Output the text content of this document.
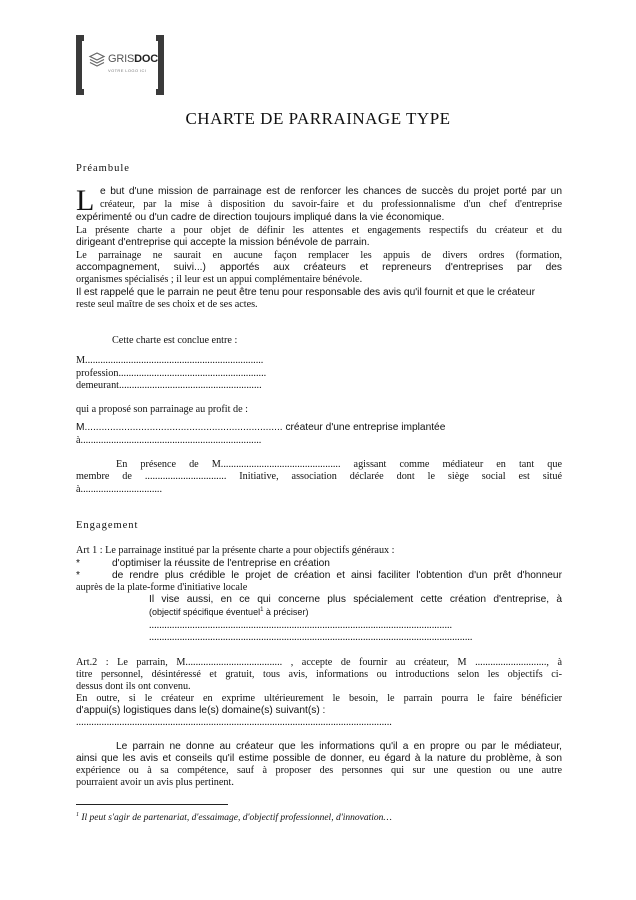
GRISDOC
VOTRE LOGO ICI
CHARTE DE PARRAINAGE TYPE
Préambule
L e but d'une mission de parrainage est de renforcer les chances de succès du projet porté par un
créateur, par la mise à disposition du savoir-faire et du professionnalisme d'un chef d'entreprise
expérimenté ou d'un cadre de direction toujours impliqué dans la vie économique.
La présente charte a pour objet de définir les attentes et engagements respectifs du créateur et du
dirigeant d'entreprise qui accepte la mission bénévole de parrain.
Le parrainage ne saurait en aucune façon remplacer les appuis de divers ordres (formation,
accompagnement, suivi...) apportés aux créateurs et repreneurs d'entreprises par des
organismes spécialisés ; il leur est un appui complémentaire bénévole.
Il est rappelé que le parrain ne peut être tenu pour responsable des avis qu'il fournit et que le créateur
reste seul maître de ses choix et de ses actes.
Cette charte est conclue entre :
M......................................................................
profession..........................................................
demeurant........................................................
qui a proposé son parrainage au profit de :
M...................................................................... créateur d'une entreprise implantée
à.......................................................................
En présence de M............................................... agissant comme médiateur en tant que
membre de ................................ Initiative, association déclarée dont le siège social est situé
à................................
Engagement
Art 1 : Le parrainage institué par la présente charte a pour objectifs généraux :
*	d'optimiser la réussite de l'entreprise en création
*	de rendre plus crédible le projet de création et ainsi faciliter l'obtention d'un prêt d'honneur
auprès de la plate-forme d'initiative locale
Il vise aussi, en ce qui concerne plus spécialement cette création d'entreprise, à
(objectif spécifique éventuel$^1$ à préciser)
.......................................................................................................................
...............................................................................................................................
Art.2 : Le parrain, M...................................... , accepte de fournir au créateur, M ............................, à
titre personnel, désintéressé et gratuit, tous avis, informations ou introductions selon les objectifs ci-
dessus dont ils ont convenu.
En outre, si le créateur en exprime ultérieurement le besoin, le parrain pourra le faire bénéficier
d'appui(s) logistiques dans le(s) domaine(s) suivant(s) :
............................................................................................................................
Le parrain ne donne au créateur que les informations qu'il a en propre ou par le médiateur,
ainsi que les avis et conseils qu'il estime possible de donner, eu égard à la nature du problème, à son
expérience ou à sa compétence, sauf à proposer des personnes qui sur une question ou une autre
pourraient avoir un avis plus pertinent.
$^1$ Il peut s'agir de partenariat, d'essaimage, d'objectif professionnel, d'innovation…
